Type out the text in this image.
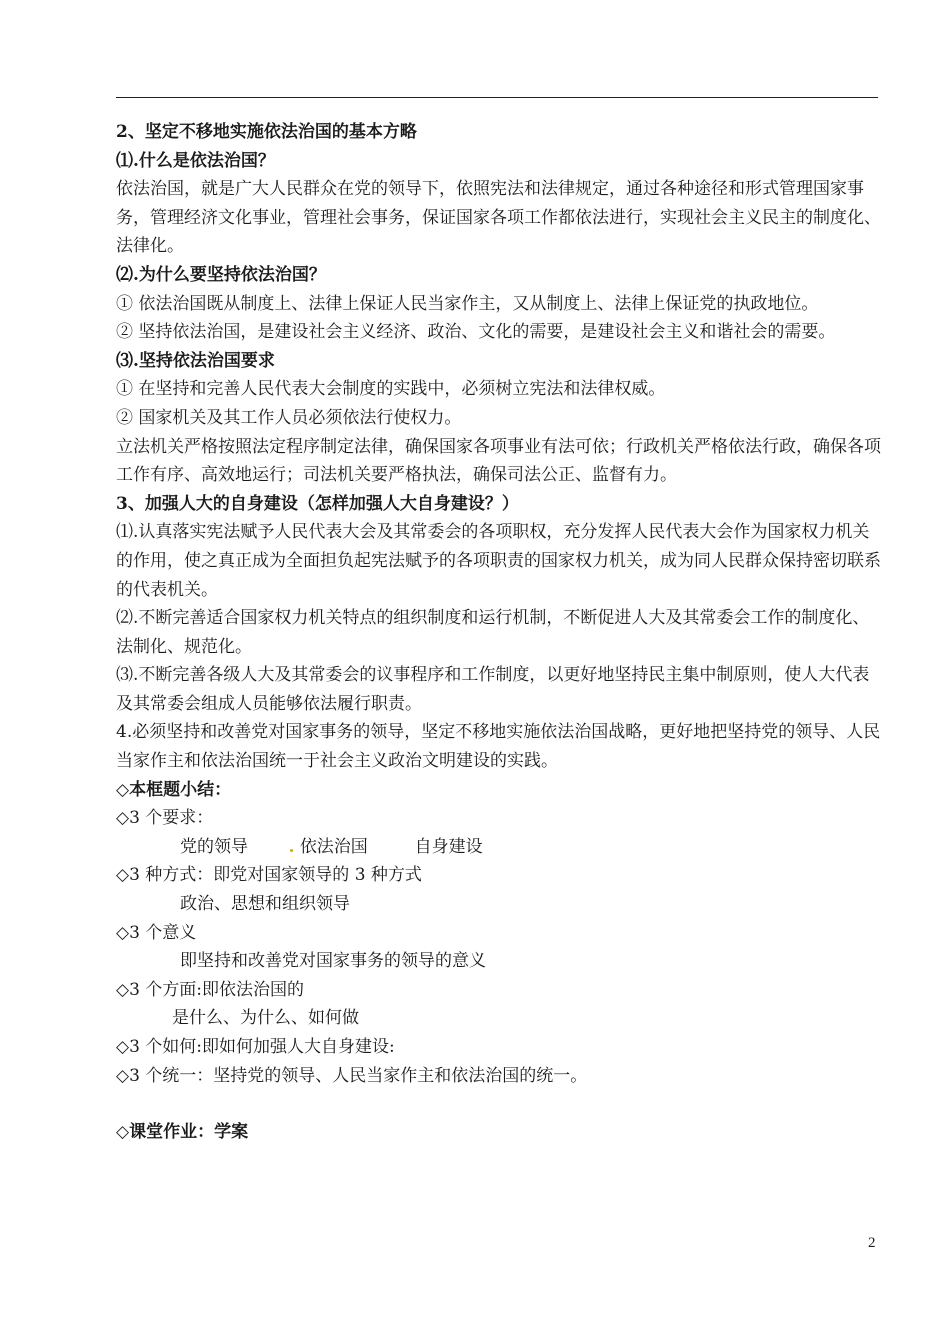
2、坚定不移地实施依法治国的基本方略
⑴.什么是依法治国？
依法治国，就是广大人民群众在党的领导下，依照宪法和法律规定，通过各种途径和形式管理国家事务，管理经济文化事业，管理社会事务，保证国家各项工作都依法进行，实现社会主义民主的制度化、法律化。
⑵.为什么要坚持依法治国？
① 依法治国既从制度上、法律上保证人民当家作主，又从制度上、法律上保证党的执政地位。
② 坚持依法治国，是建设社会主义经济、政治、文化的需要，是建设社会主义和谐社会的需要。
⑶.坚持依法治国要求
① 在坚持和完善人民代表大会制度的实践中，必须树立宪法和法律权威。
② 国家机关及其工作人员必须依法行使权力。
立法机关严格按照法定程序制定法律，确保国家各项事业有法可依；行政机关严格依法行政，确保各项工作有序、高效地运行；司法机关要严格执法，确保司法公正、监督有力。
3、加强人大的自身建设（怎样加强人大自身建设？）
⑴.认真落实宪法赋予人民代表大会及其常委会的各项职权，充分发挥人民代表大会作为国家权力机关的作用，使之真正成为全面担负起宪法赋予的各项职责的国家权力机关，成为同人民群众保持密切联系的代表机关。
⑵.不断完善适合国家权力机关特点的组织制度和运行机制，不断促进人大及其常委会工作的制度化、法制化、规范化。
⑶.不断完善各级人大及其常委会的议事程序和工作制度，以更好地坚持民主集中制原则，使人大代表及其常委会组成人员能够依法履行职责。
4.必须坚持和改善党对国家事务的领导，坚定不移地实施依法治国战略，更好地把坚持党的领导、人民当家作主和依法治国统一于社会主义政治文明建设的实践。
◇本框题小结：
◇3 个要求：
党的领导	依法治国	自身建设
◇3 种方式：即党对国家领导的 3 种方式
政治、思想和组织领导
◇3 个意义
即坚持和改善党对国家事务的领导的意义
◇3 个方面:即依法治国的
是什么、为什么、如何做
◇3 个如何:即如何加强人大自身建设:
◇3 个统一：坚持党的领导、人民当家作主和依法治国的统一。
◇课堂作业：学案
2
